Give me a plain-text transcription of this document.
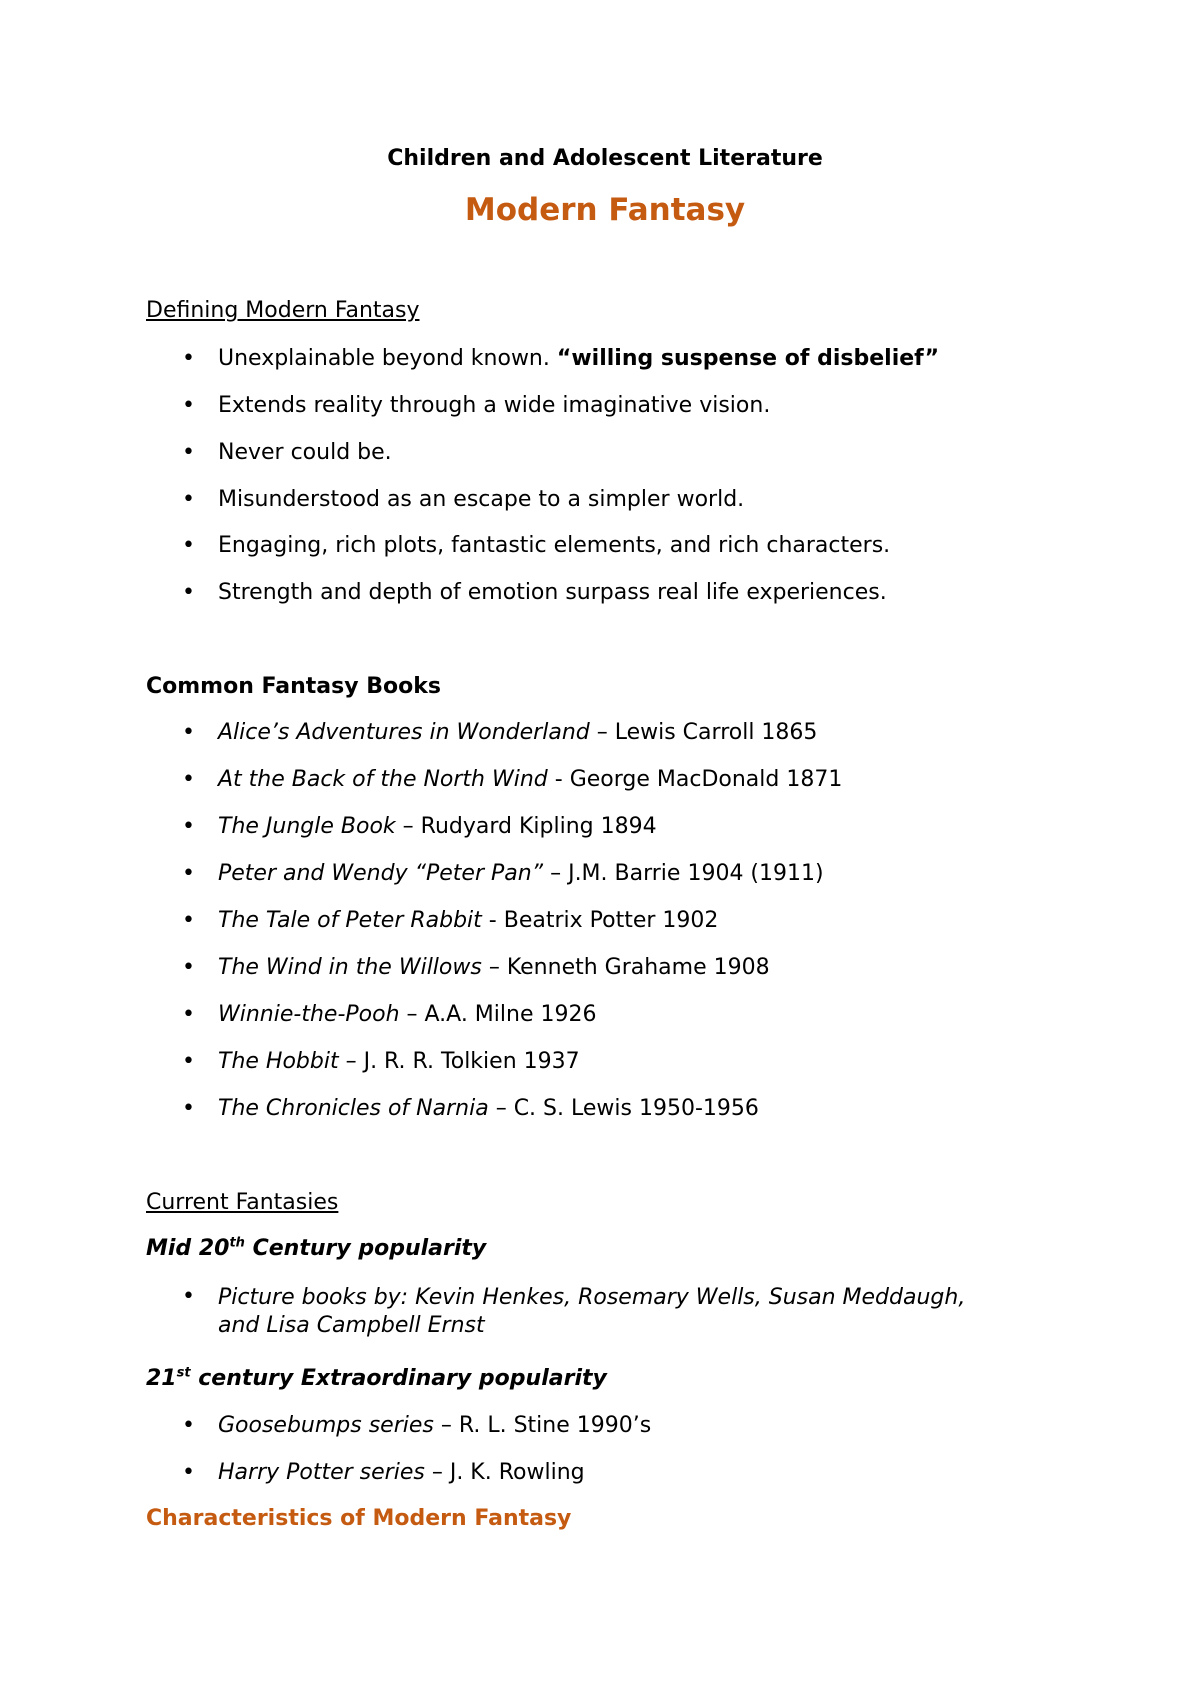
Children and Adolescent Literature
Modern Fantasy
Defining Modern Fantasy
• Unexplainable beyond known. “willing suspense of disbelief”
• Extends reality through a wide imaginative vision.
• Never could be.
• Misunderstood as an escape to a simpler world.
• Engaging, rich plots, fantastic elements, and rich characters.
• Strength and depth of emotion surpass real life experiences.
Common Fantasy Books
• Alice’s Adventures in Wonderland – Lewis Carroll 1865
• At the Back of the North Wind - George MacDonald 1871
• The Jungle Book – Rudyard Kipling 1894
• Peter and Wendy “Peter Pan” – J.M. Barrie 1904 (1911)
• The Tale of Peter Rabbit - Beatrix Potter 1902
• The Wind in the Willows – Kenneth Grahame 1908
• Winnie-the-Pooh – A.A. Milne 1926
• The Hobbit – J. R. R. Tolkien 1937
• The Chronicles of Narnia – C. S. Lewis 1950-1956
Current Fantasies
Mid 20th Century popularity
• Picture books by: Kevin Henkes, Rosemary Wells, Susan Meddaugh,
and Lisa Campbell Ernst
21st century Extraordinary popularity
• Goosebumps series – R. L. Stine 1990’s
• Harry Potter series – J. K. Rowling
Characteristics of Modern Fantasy
